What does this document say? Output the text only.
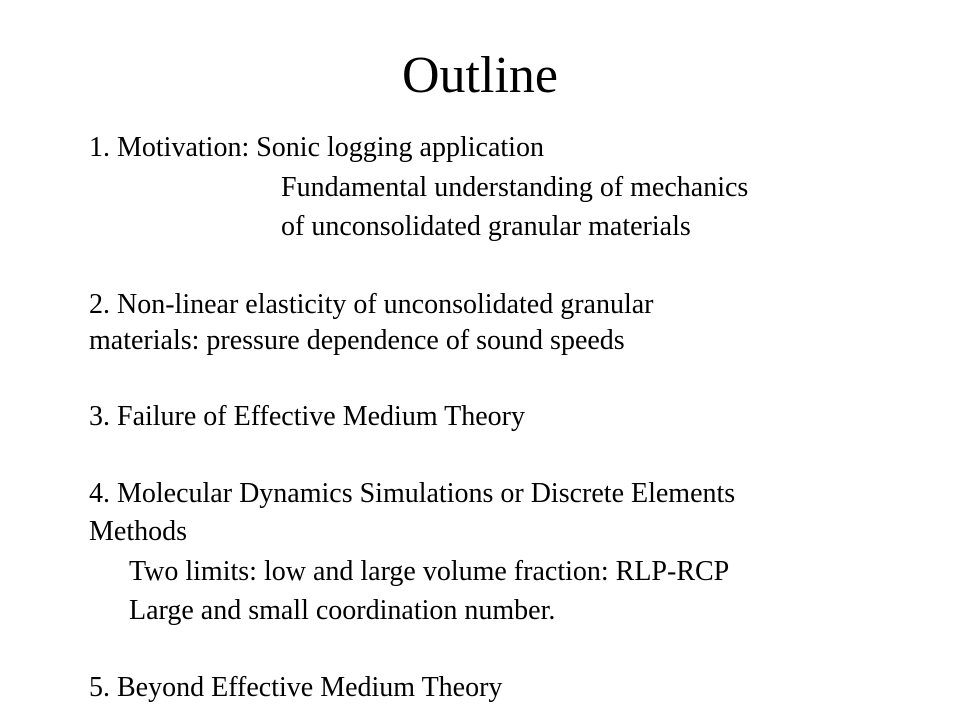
Outline
1. Motivation: Sonic logging application
Fundamental understanding of mechanics
of unconsolidated granular materials
2. Non-linear elasticity of unconsolidated granular
materials: pressure dependence of sound speeds
3. Failure of Effective Medium Theory
4. Molecular Dynamics Simulations or Discrete Elements
Methods
Two limits: low and large volume fraction: RLP-RCP
Large and small coordination number.
5. Beyond Effective Medium Theory
